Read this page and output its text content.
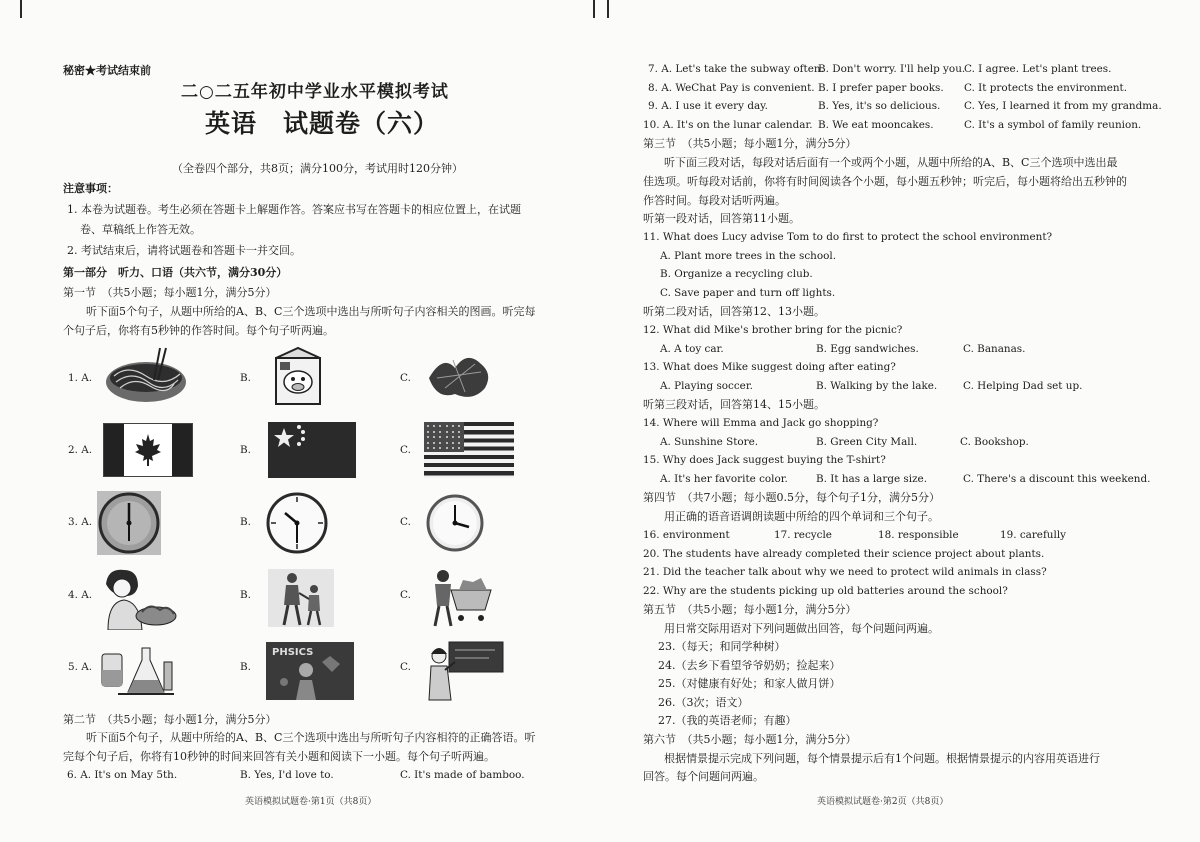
秘密★考试结束前
二○二五年初中学业水平模拟考试
英语　试题卷（六）
（全卷四个部分，共8页；满分100分，考试用时120分钟）
注意事项：
1. 本卷为试题卷。考生必须在答题卡上解题作答。答案应书写在答题卡的相应位置上，在试题
卷、草稿纸上作答无效。
2. 考试结束后，请将试题卷和答题卡一并交回。
第一部分　听力、口语（共六节，满分30分）
第一节　（共5小题；每小题1分，满分5分）
听下面5个句子，从题中所给的A、B、C三个选项中选出与所听句子内容相关的图画。听完每
个句子后，你将有5秒钟的作答时间。每个句子听两遍。
1. A.	B.	C.
2. A.	B.	C.
3. A.	B.	C.
4. A.	B.	C.
5. A.	B.	C.
PHSICS
第二节　（共5小题；每小题1分，满分5分）
听下面5个句子，从题中所给的A、B、C三个选项中选出与所听句子内容相符的正确答语。听
完每个句子后，你将有10秒钟的时间来回答有关小题和阅读下一小题。每个句子听两遍。
6. A. It's on May 5th.	B. Yes, I'd love to.	C. It's made of bamboo.
英语模拟试题卷·第1页（共8页）
7. A. Let's take the subway often.
B. Don't worry. I'll help you.
C. I agree. Let's plant trees.
8. A. WeChat Pay is convenient. B. I prefer paper books. C. It protects the environment.
9. A. I use it every day.	B. Yes, it's so delicious. C. Yes, I learned it from my grandma.
10. A. It's on the lunar calendar. B. We eat mooncakes.	C. It's a symbol of family reunion.
第三节　（共5小题；每小题1分，满分5分）
听下面三段对话，每段对话后面有一个或两个小题，从题中所给的A、B、C三个选项中选出最
佳选项。听每段对话前，你将有时间阅读各个小题，每小题五秒钟；听完后，每小题将给出五秒钟的
作答时间。每段对话听两遍。
听第一段对话，回答第11小题。
11. What does Lucy advise Tom to do first to protect the school environment?
A. Plant more trees in the school.
B. Organize a recycling club.
C. Save paper and turn off lights.
听第二段对话，回答第12、13小题。
12. What did Mike's brother bring for the picnic?
A. A toy car.	B. Egg sandwiches.	C. Bananas.
13. What does Mike suggest doing after eating?
A. Playing soccer.	B. Walking by the lake. C. Helping Dad set up.
听第三段对话，回答第14、15小题。
14. Where will Emma and Jack go shopping?
A. Sunshine Store.	B. Green City Mall.	C. Bookshop.
15. Why does Jack suggest buying the T-shirt?
A. It's her favorite color.	B. It has a large size.	C. There's a discount this weekend.
第四节　（共7小题；每小题0.5分，每个句子1分，满分5分）
用正确的语音语调朗读题中所给的四个单词和三个句子。
16. environment	17. recycle	18. responsible	19. carefully
20. The students have already completed their science project about plants.
21. Did the teacher talk about why we need to protect wild animals in class?
22. Why are the students picking up old batteries around the school?
第五节　（共5小题；每小题1分，满分5分）
用日常交际用语对下列问题做出回答，每个问题问两遍。
23.（每天；和同学种树）
24.（去乡下看望爷爷奶奶；捡起来）
25.（对健康有好处；和家人做月饼）
26.（3次；语文）
27.（我的英语老师；有趣）
第六节　（共5小题；每小题1分，满分5分）
根据情景提示完成下列问题，每个情景提示后有1个问题。根据情景提示的内容用英语进行
回答。每个问题问两遍。
英语模拟试题卷·第2页（共8页）
